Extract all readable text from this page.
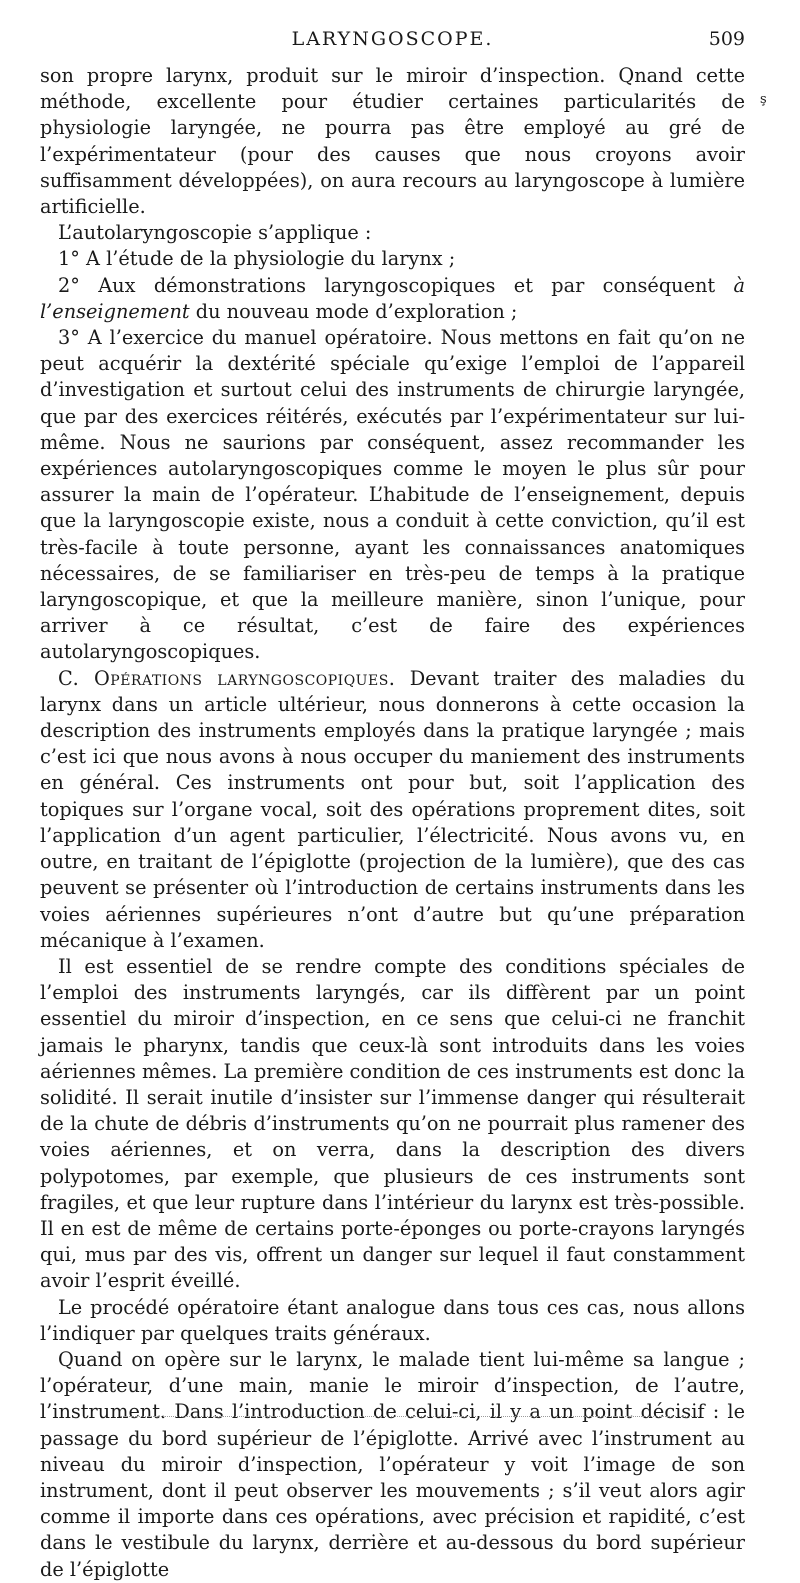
LARYNGOSCOPE.	509
ş

son propre larynx, produit sur le miroir d’inspection. Qnand cette méthode, excellente pour étudier certaines particularités de physiologie laryngée, ne pourra pas être employé au gré de l’expérimentateur (pour des causes que nous croyons avoir suffisamment développées), on aura recours au laryngoscope à lumière artificielle.

L’autolaryngoscopie s’applique :

1° A l’étude de la physiologie du larynx ;

2° Aux démonstrations laryngoscopiques et par conséquent à l’enseignement du nouveau mode d’exploration ;

3° A l’exercice du manuel opératoire. Nous mettons en fait qu’on ne peut acquérir la dextérité spéciale qu’exige l’emploi de l’appareil d’investigation et surtout celui des instruments de chirurgie laryngée, que par des exercices réitérés, exécutés par l’expérimentateur sur lui-même. Nous ne saurions par conséquent, assez recommander les expériences autolaryngoscopiques comme le moyen le plus sûr pour assurer la main de l’opérateur. L’habitude de l’enseignement, depuis que la laryngoscopie existe, nous a conduit à cette conviction, qu’il est très-facile à toute personne, ayant les connaissances anatomiques nécessaires, de se familiariser en très-peu de temps à la pratique laryngoscopique, et que la meilleure manière, sinon l’unique, pour arriver à ce résultat, c’est de faire des expériences autolaryngoscopiques.

C. Opérations laryngoscopiques. Devant traiter des maladies du larynx dans un article ultérieur, nous donnerons à cette occasion la description des instruments employés dans la pratique laryngée ; mais c’est ici que nous avons à nous occuper du maniement des instruments en général. Ces instruments ont pour but, soit l’application des topiques sur l’organe vocal, soit des opérations proprement dites, soit l’application d’un agent particulier, l’électricité. Nous avons vu, en outre, en traitant de l’épiglotte (projection de la lumière), que des cas peuvent se présenter où l’introduction de certains instruments dans les voies aériennes supérieures n’ont d’autre but qu’une préparation mécanique à l’examen.

Il est essentiel de se rendre compte des conditions spéciales de l’emploi des instruments laryngés, car ils diffèrent par un point essentiel du miroir d’inspection, en ce sens que celui-ci ne franchit jamais le pharynx, tandis que ceux-là sont introduits dans les voies aériennes mêmes. La première condition de ces instruments est donc la solidité. Il serait inutile d’insister sur l’immense danger qui résulterait de la chute de débris d’instruments qu’on ne pourrait plus ramener des voies aériennes, et on verra, dans la description des divers polypotomes, par exemple, que plusieurs de ces instruments sont fragiles, et que leur rupture dans l’intérieur du larynx est très-possible. Il en est de même de certains porte-éponges ou porte-crayons laryngés qui, mus par des vis, offrent un danger sur lequel il faut constamment avoir l’esprit éveillé.

Le procédé opératoire étant analogue dans tous ces cas, nous allons l’indiquer par quelques traits généraux.

Quand on opère sur le larynx, le malade tient lui-même sa langue ; l’opérateur, d’une main, manie le miroir d’inspection, de l’autre, l’instrument. Dans l’introduction de celui-ci, il y a un point décisif : le passage du bord supérieur de l’épiglotte. Arrivé avec l’instrument au niveau du miroir d’inspection, l’opérateur y voit l’image de son instrument, dont il peut observer les mouvements ; s’il veut alors agir comme il importe dans ces opérations, avec précision et rapidité, c’est dans le vestibule du larynx, derrière et au-dessous du bord supérieur de l’épiglotte
